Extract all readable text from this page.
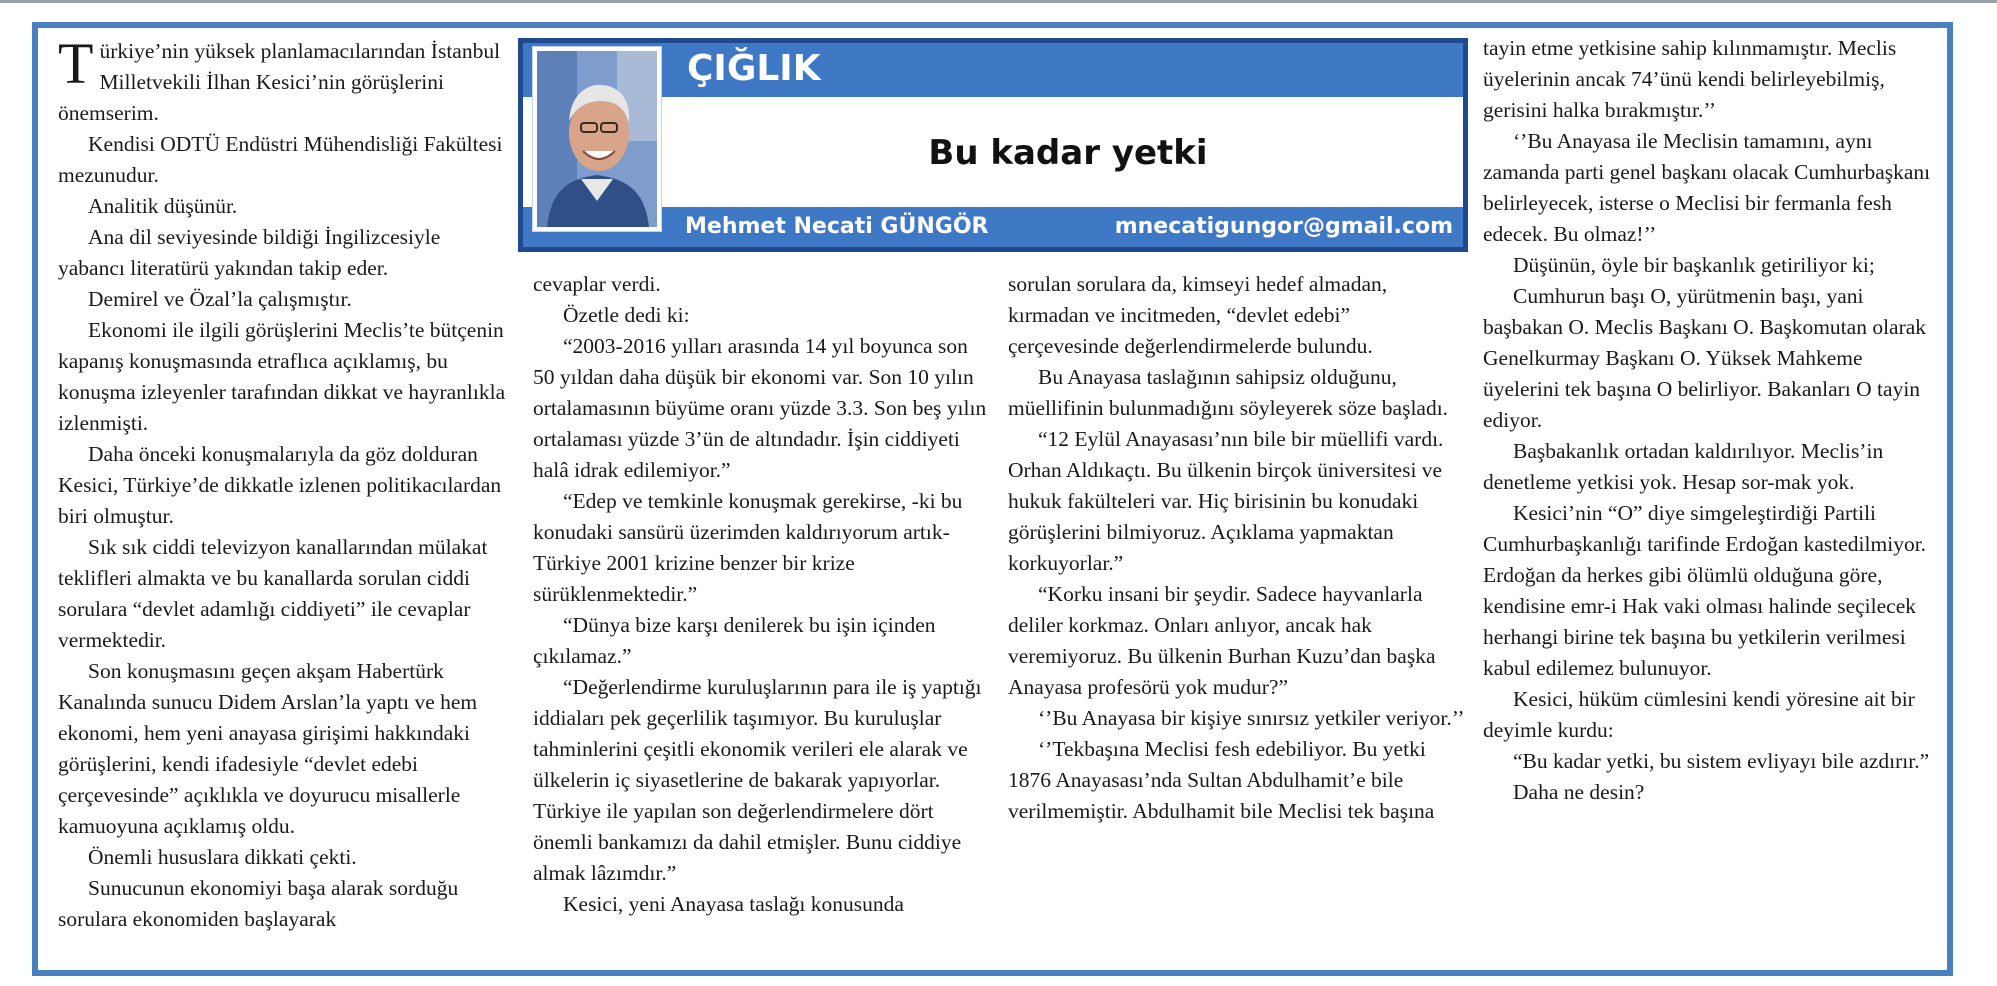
ÇIĞLIK
Bu kadar yetki
Mehmet Necati GÜNGÖR	mnecatigungor@gmail.com

Türkiye’nin yüksek planlamacılarından İstanbul Milletvekili İlhan Kesici’nin görüşlerini önemserim.

Kendisi ODTÜ Endüstri Mühendisliği Fakültesi mezunudur.

Analitik düşünür.

Ana dil seviyesinde bildiği İngilizcesiyle yabancı literatürü yakından takip eder.

Demirel ve Özal’la çalışmıştır.

Ekonomi ile ilgili görüşlerini Meclis’te bütçenin kapanış konuşmasında etraflıca açıklamış, bu konuşma izleyenler tarafından dikkat ve hayranlıkla izlenmişti.

Daha önceki konuşmalarıyla da göz dolduran Kesici, Türkiye’de dikkatle izlenen politikacılardan biri olmuştur.

Sık sık ciddi televizyon kanallarından mülakat teklifleri almakta ve bu kanallarda sorulan ciddi sorulara “devlet adamlığı ciddiyeti” ile cevaplar vermektedir.

Son konuşmasını geçen akşam Habertürk Kanalında sunucu Didem Arslan’la yaptı ve hem ekonomi, hem yeni anayasa girişimi hakkındaki görüşlerini, kendi ifadesiyle “devlet edebi çerçevesinde” açıklıkla ve doyurucu misallerle kamuoyuna açıklamış oldu.

Önemli hususlara dikkati çekti.

Sunucunun ekonomiyi başa alarak sorduğu sorulara ekonomiden başlayarak

cevaplar verdi.

Özetle dedi ki:

“2003-2016 yılları arasında 14 yıl boyunca son 50 yıldan daha düşük bir ekonomi var. Son 10 yılın ortalamasının büyüme oranı yüzde 3.3. Son beş yılın ortalaması yüzde 3’ün de altındadır. İşin ciddiyeti halâ idrak edilemiyor.”

“Edep ve temkinle konuşmak gerekirse, -ki bu konudaki sansürü üzerimden kaldırıyorum artık- Türkiye 2001 krizine benzer bir krize sürüklenmektedir.”

“Dünya bize karşı denilerek bu işin içinden çıkılamaz.”

“Değerlendirme kuruluşlarının para ile iş yaptığı iddiaları pek geçerlilik taşımıyor. Bu kuruluşlar tahminlerini çeşitli ekonomik verileri ele alarak ve ülkelerin iç siyasetlerine de bakarak yapıyorlar. Türkiye ile yapılan son değerlendirmelere dört önemli bankamızı da dahil etmişler. Bunu ciddiye almak lâzımdır.”

Kesici, yeni Anayasa taslağı konusunda

sorulan sorulara da, kimseyi hedef almadan, kırmadan ve incitmeden, “devlet edebi” çerçevesinde değerlendirmelerde bulundu.

Bu Anayasa taslağının sahipsiz olduğunu, müellifinin bulunmadığını söyleyerek söze başladı.

“12 Eylül Anayasası’nın bile bir müellifi vardı. Orhan Aldıkaçtı. Bu ülkenin birçok üniversitesi ve hukuk fakülteleri var. Hiç birisinin bu konudaki görüşlerini bilmiyoruz. Açıklama yapmaktan korkuyorlar.”

“Korku insani bir şeydir. Sadece hayvanlarla deliler korkmaz. Onları anlıyor, ancak hak veremiyoruz. Bu ülkenin Burhan Kuzu’dan başka Anayasa profesörü yok mudur?”

‘’Bu Anayasa bir kişiye sınırsız yetkiler veriyor.’’

‘’Tekbaşına Meclisi fesh edebiliyor. Bu yetki 1876 Anayasası’nda Sultan Abdulhamit’e bile verilmemiştir. Abdulhamit bile Meclisi tek başına

tayin etme yetkisine sahip kılınmamıştır. Meclis üyelerinin ancak 74’ünü kendi belirleyebilmiş, gerisini halka bırakmıştır.’’

‘’Bu Anayasa ile Meclisin tamamını, aynı zamanda parti genel başkanı olacak Cumhurbaşkanı belirleyecek, isterse o Meclisi bir fermanla fesh edecek. Bu olmaz!’’

Düşünün, öyle bir başkanlık getiriliyor ki;

Cumhurun başı O, yürütmenin başı, yani başbakan O. Meclis Başkanı O. Başkomutan olarak Genelkurmay Başkanı O. Yüksek Mahkeme üyelerini tek başına O belirliyor. Bakanları O tayin ediyor.

Başbakanlık ortadan kaldırılıyor. Meclis’in denetleme yetkisi yok. Hesap sor-mak yok.

Kesici’nin “O” diye simgeleştirdiği Partili Cumhurbaşkanlığı tarifinde Erdoğan kastedilmiyor. Erdoğan da herkes gibi ölümlü olduğuna göre, kendisine emr-i Hak vaki olması halinde seçilecek herhangi birine tek başına bu yetkilerin verilmesi kabul edilemez bulunuyor.

Kesici, hüküm cümlesini kendi yöresine ait bir deyimle kurdu:

“Bu kadar yetki, bu sistem evliyayı bile azdırır.”

Daha ne desin?
